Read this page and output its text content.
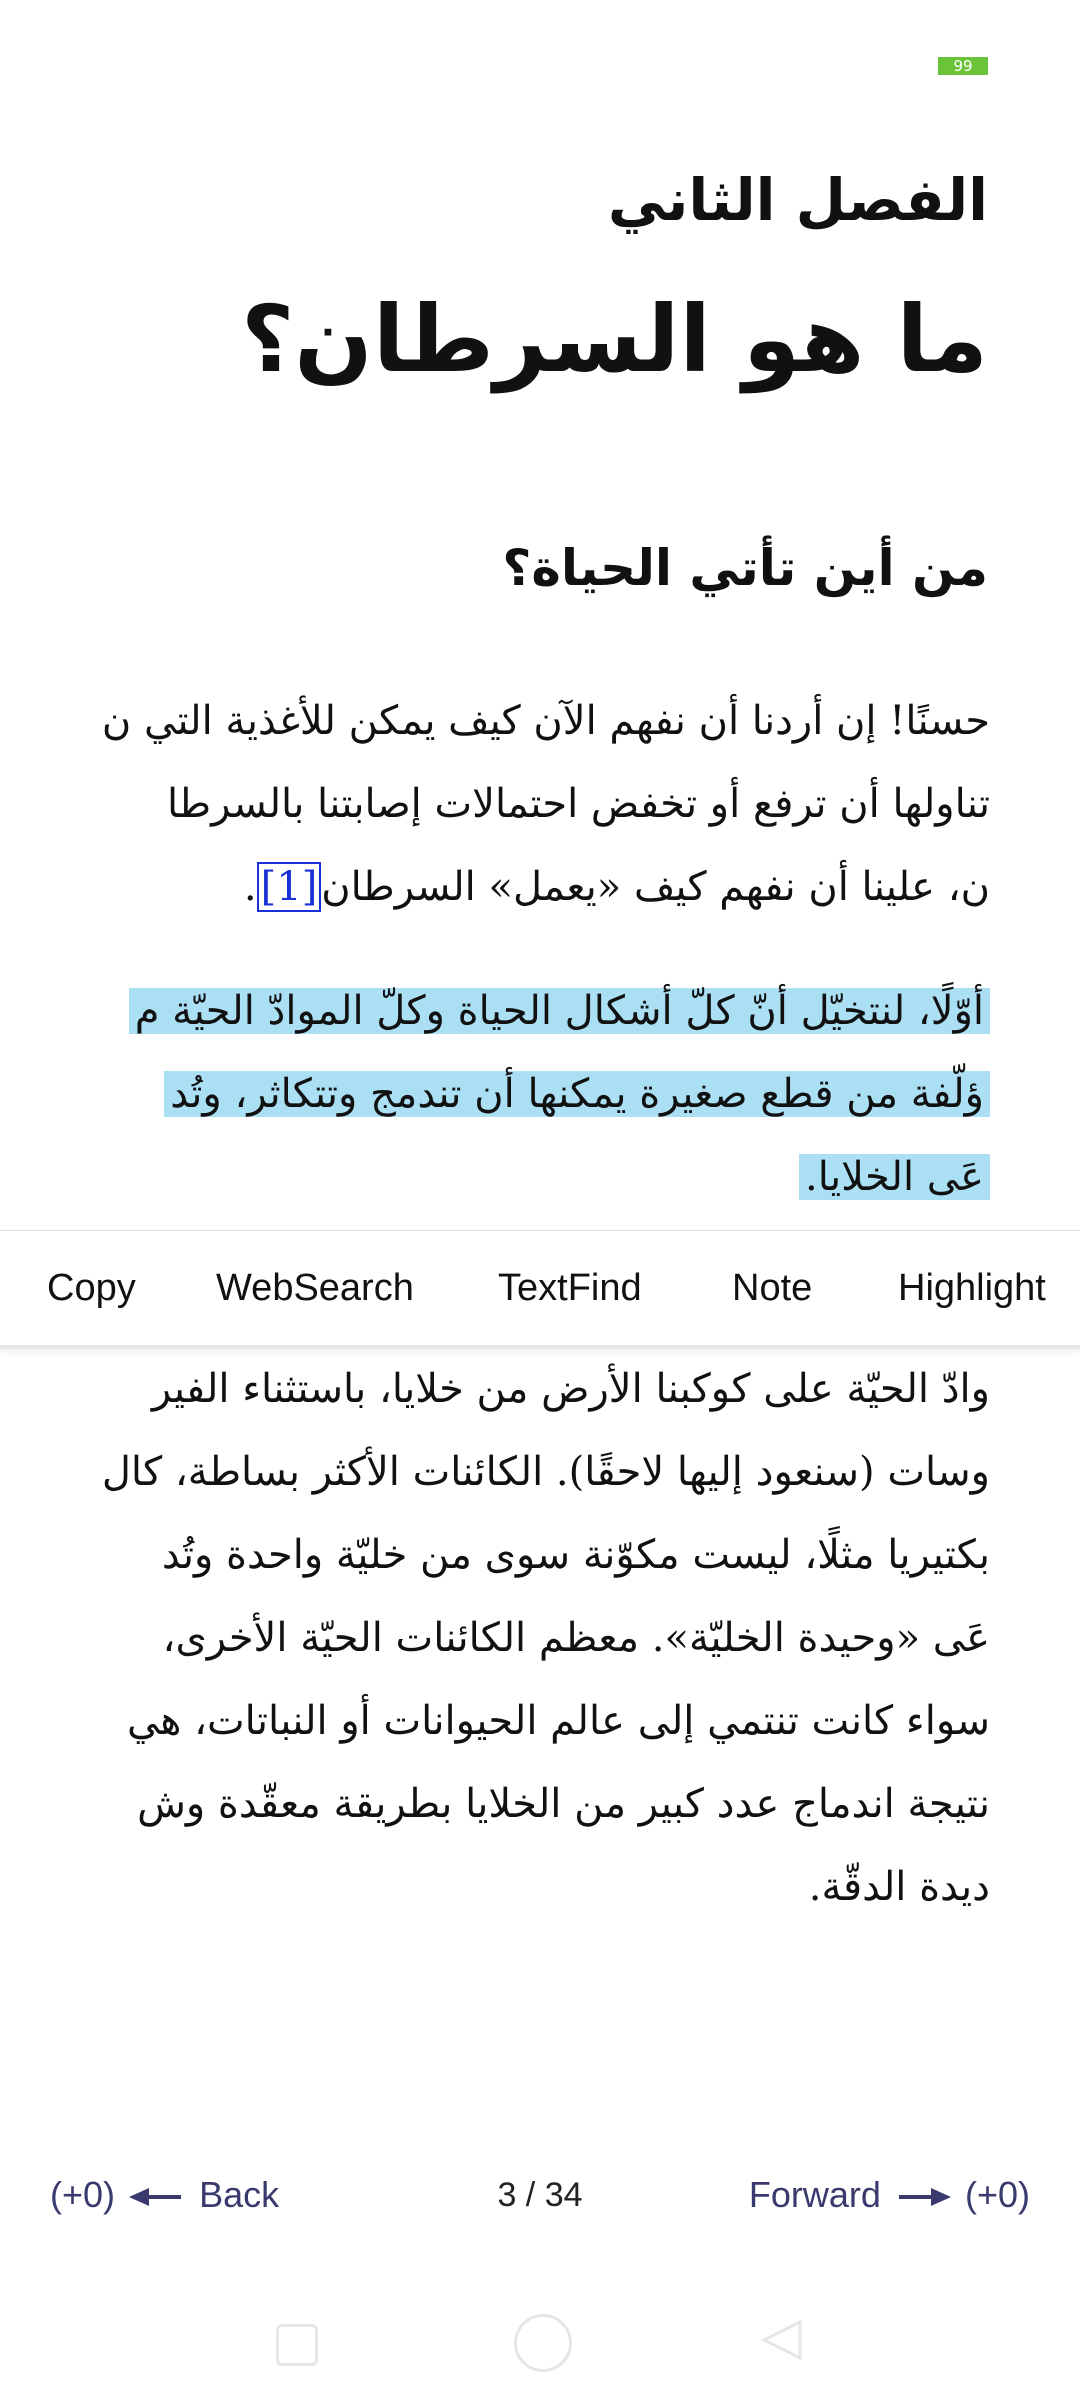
99
الفصل الثاني
ما هو السرطان؟
من أين تأتي الحياة؟
حسنًا! إن أردنا أن نفهم الآن كيف يمكن للأغذية التي ن
تناولها أن ترفع أو تخفض احتمالات إصابتنا بالسرطا
ن، علينا أن نفهم كيف «يعمل» السرطان[1].
أوّلًا، لنتخيّل أنّ كلّ أشكال الحياة وكلّ الموادّ الحيّة م
ؤلّفة من قطع صغيرة يمكنها أن تندمج وتتكاثر، وتُد
عَى الخلايا.
Copy WebSearch TextFind Note Highlight
وادّ الحيّة على كوكبنا الأرض من خلايا، باستثناء الفير
وسات (سنعود إليها لاحقًا). الكائنات الأكثر بساطة، كال
بكتيريا مثلًا، ليست مكوّنة سوى من خليّة واحدة وتُد
عَى «وحيدة الخليّة». معظم الكائنات الحيّة الأخرى،
سواء كانت تنتمي إلى عالم الحيوانات أو النباتات، هي
نتيجة اندماج عدد كبير من الخلايا بطريقة معقّدة وش
ديدة الدقّة.
(+0) Back	3 / 34	Forward (+0)
